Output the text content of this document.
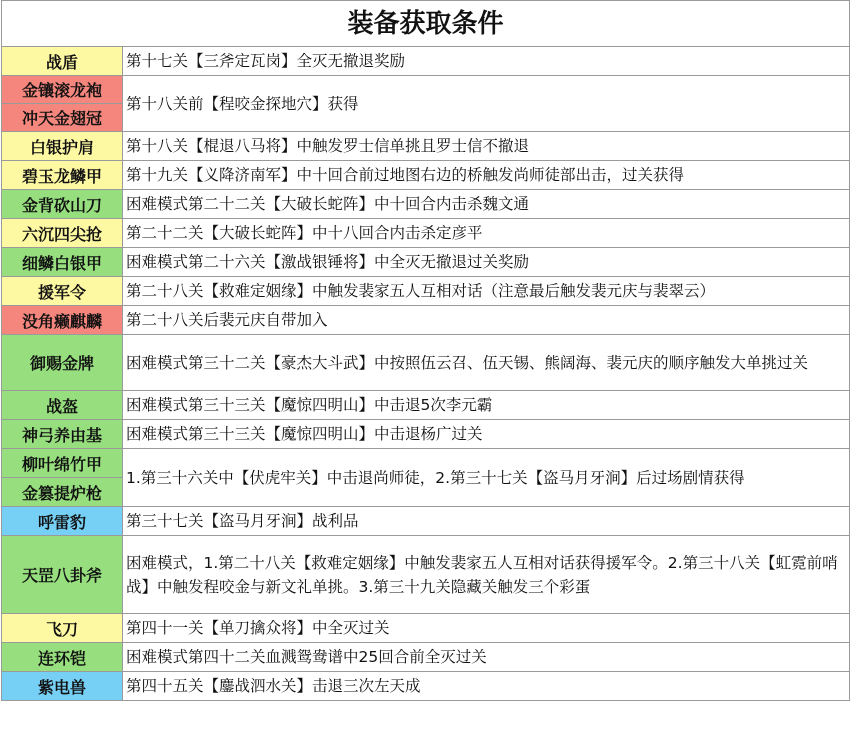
装备获取条件
战盾	第十七关【三斧定瓦岗】全灭无撤退奖励
金镶滚龙袍	第十八关前【程咬金探地穴】获得
冲天金翅冠	
白银护肩	第十八关【棍退八马将】中触发罗士信单挑且罗士信不撤退
碧玉龙鳞甲	第十九关【义降济南军】中十回合前过地图右边的桥触发尚师徒部出击，过关获得
金背砍山刀	困难模式第二十二关【大破长蛇阵】中十回合内击杀魏文通
六沉四尖抢	第二十二关【大破长蛇阵】中十八回合内击杀定彦平
细鳞白银甲	困难模式第二十六关【激战银锤将】中全灭无撤退过关奖励
援军令	第二十八关【救难定姻缘】中触发裴家五人互相对话（注意最后触发裴元庆与裴翠云）
没角癞麒麟	第二十八关后裴元庆自带加入
御赐金牌	困难模式第三十二关【豪杰大斗武】中按照伍云召、伍天锡、熊阔海、裴元庆的顺序触发大单挑过关
战盔	困难模式第三十三关【魔惊四明山】中击退5次李元霸
神弓养由基	困难模式第三十三关【魔惊四明山】中击退杨广过关
柳叶绵竹甲	1.第三十六关中【伏虎牢关】中击退尚师徒，2.第三十七关【盗马月牙涧】后过场剧情获得
金篡提炉枪	
呼雷豹	第三十七关【盗马月牙涧】战利品
天罡八卦斧	困难模式，1.第二十八关【救难定姻缘】中触发裴家五人互相对话获得援军令。2.第三十八关【虹霓前哨战】中触发程咬金与新文礼单挑。3.第三十九关隐藏关触发三个彩蛋
飞刀	第四十一关【单刀擒众将】中全灭过关
连环铠	困难模式第四十二关血溅鸳鸯谱中25回合前全灭过关
紫电兽	第四十五关【鏖战泗水关】击退三次左天成
